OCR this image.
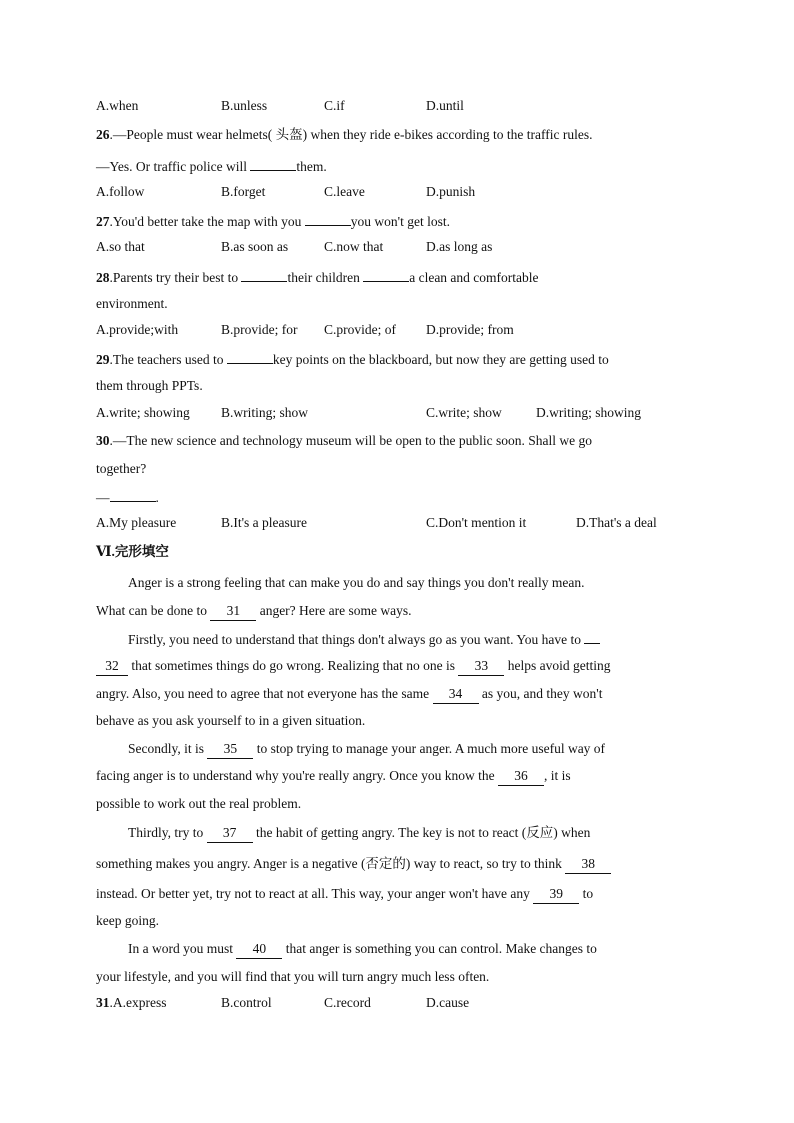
A.when	B.unless	C.if	D.until
26.—People must wear helmets( 头盔) when they ride e-bikes according to the traffic rules.
—Yes. Or traffic police will	them.
A.follow	B.forget	C.leave	D.punish
27.You'd better take the map with you	you won't get lost.
A.so that	B.as soon as	C.now that	D.as long as
28.Parents try their best to	their children	a clean and comfortable
environment.
A.provide;with	B.provide; for C.provide; of D.provide; from
29.The teachers used to	key points on the blackboard, but now they are getting used to
them through PPTs.
A.write; showing B.writing; show	C.write; show	D.writing; showing
30.—The new science and technology museum will be open to the public soon. Shall we go
together?
—	.
A.My pleasure	B.It's a pleasure	C.Don't mention it	D.That's a deal
Ⅵ.完形填空
Anger is a strong feeling that can make you do and say things you don't really mean.
What can be done to 31 anger? Here are some ways.
Firstly, you need to understand that things don't always go as you want. You have to
32 that sometimes things do go wrong. Realizing that no one is 33 helps avoid getting
angry. Also, you need to agree that not everyone has the same 34 as you, and they won't
behave as you ask yourself to in a given situation.
Secondly, it is 35 to stop trying to manage your anger. A much more useful way of
facing anger is to understand why you're really angry. Once you know the 36 , it is
possible to work out the real problem.
Thirdly, try to 37 the habit of getting angry. The key is not to react (反应) when
something makes you angry. Anger is a negative (否定的) way to react, so try to think 38
instead. Or better yet, try not to react at all. This way, your anger won't have any 39 to
keep going.
In a word you must 40 that anger is something you can control. Make changes to
your lifestyle, and you will find that you will turn angry much less often.
31.A.express	B.control	C.record	D.cause
